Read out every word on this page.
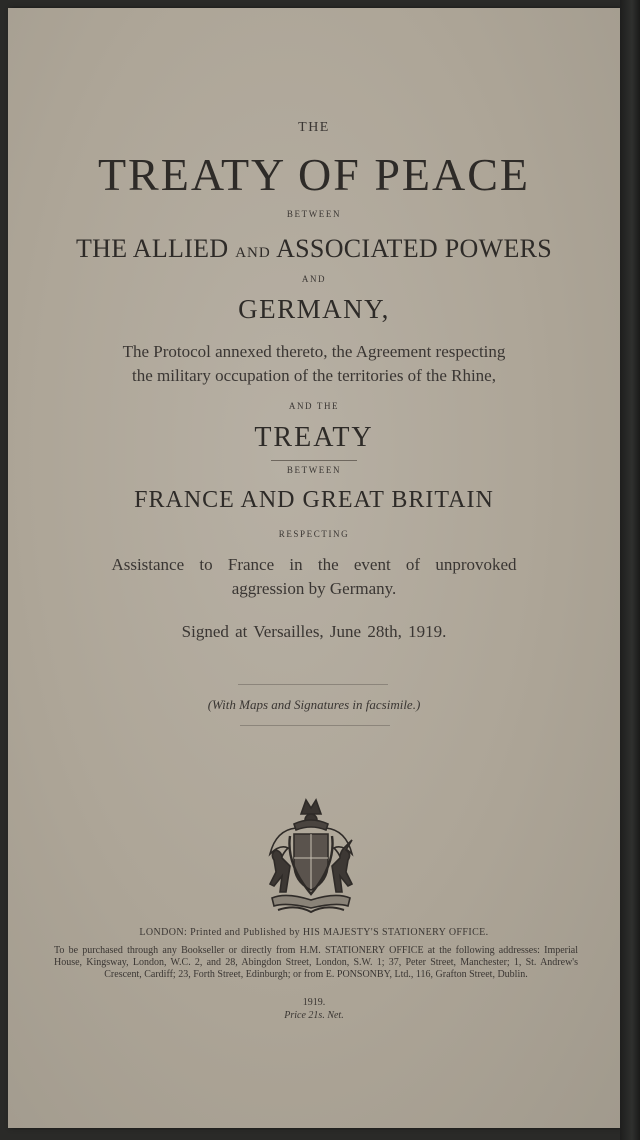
THE
TREATY OF PEACE
BETWEEN
THE ALLIED AND ASSOCIATED POWERS
AND
GERMANY,
The Protocol annexed thereto, the Agreement respecting
the military occupation of the territories of the Rhine,
AND THE
TREATY
BETWEEN
FRANCE AND GREAT BRITAIN
RESPECTING
Assistance to France in the event of unprovoked
aggression by Germany.
Signed at Versailles, June 28th, 1919.
(With Maps and Signatures in facsimile.)
LONDON: Printed and Published by HIS MAJESTY'S STATIONERY OFFICE.
To be purchased through any Bookseller or directly from H.M. STATIONERY OFFICE at the following addresses: Imperial House, Kingsway, London, W.C. 2, and 28, Abingdon Street, London, S.W. 1; 37, Peter Street, Manchester; 1, St. Andrew's Crescent, Cardiff; 23, Forth Street, Edinburgh; or from E. PONSONBY, Ltd., 116, Grafton Street, Dublin.
1919.
Price 21s. Net.
